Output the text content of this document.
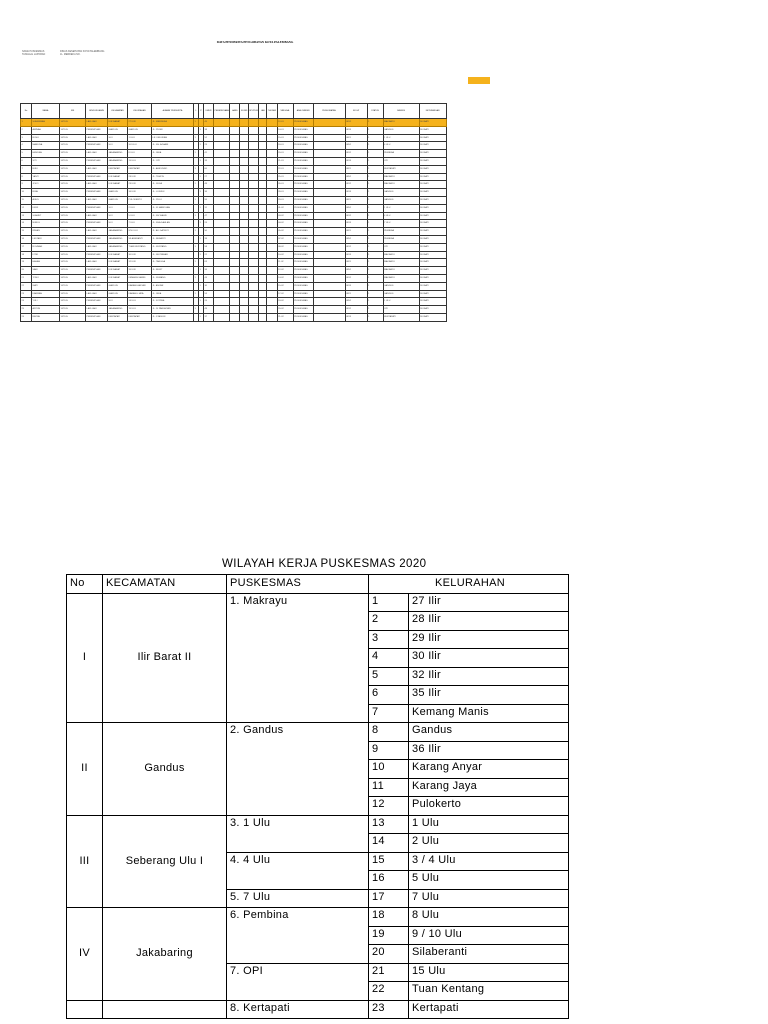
DATA PENDERITA PENGOBATAN KOTA PALEMBANG
NAMA PUSKESMAS
TANGGAL LAPORAN
DINAS KESEHATAN KOTA PALEMBANG
JL. MERDEKA NO.
No	NAMA	NIK	JENIS KELAMIN	KECAMATAN	KELURAHAN	ALAMAT PENDERITA	L	P	UMUR	PEMERIKSAAN	HASIL	KLINIS	SPUTUM	LAB	THORAX	TANGGAL	ASAL PASIEN	PENGOBATAN	NO HP	STATUS	FASKES	KETERANGAN
1	SUHERMAN	167105	LAKI-LAKI	ILIR BARAT	27 ILIR	JL. MERDEKA	1		45							12-01	PUSKESMAS		0812	1	MAKRAYU	DIOBATI
2	AMINAH	167105	PEREMPUAN	GANDUS	GANDUS	JL. PUSRI		1	38							14-01	PUSKESMAS		0813	1	GANDUS	DIOBATI
3	RUSLI	167105	LAKI-LAKI	SU I	1 ULU	LR. KEDUKAN	1		52							15-01	PUSKESMAS		0821	1	1 ULU	DIOBATI
4	MARLINA	167105	PEREMPUAN	SU I	3/4 ULU	JL. KH. AZHARI		1	29							18-01	PUSKESMAS		0852	1	4 ULU	DIOBATI
5	HENDRA	167105	LAKI-LAKI	JAKABARING	8 ULU	JL. JAYA	1		41							20-01	PUSKESMAS		0812	1	PEMBINA	DIOBATI
6	SITI	167105	PEREMPUAN	JAKABARING	15 ULU	JL. OPI		1	33							21-01	PUSKESMAS		0813	1	OPI	DIOBATI
7	BUDI	167105	LAKI-LAKI	KERTAPATI	KERTAPATI	JL. ABIKUSNO	1		60							22-01	PUSKESMAS		0821	1	KERTAPATI	DIOBATI
8	YANTI	167105	PEREMPUAN	ILIR BARAT	28 ILIR	JL. TEMON		1	27							25-01	PUSKESMAS		0852	1	MAKRAYU	DIOBATI
9	JOKO	167105	LAKI-LAKI	ILIR BARAT	29 ILIR	JL. SUKA	1		48							26-01	PUSKESMAS		0812	1	MAKRAYU	DIOBATI
10	RINA	167105	PEREMPUAN	GANDUS	36 ILIR	JL. LUNJUK		1	36							28-01	PUSKESMAS		0813	1	GANDUS	DIOBATI
11	AGUS	167105	LAKI-LAKI	GANDUS	PULOKERTO	JL. PULO	1		55							29-01	PUSKESMAS		0821	1	GANDUS	DIOBATI
12	DEWI	167105	PEREMPUAN	SU I	2 ULU	JL. KI MAROGAN		1	31							01-02	PUSKESMAS		0852	1	1 ULU	DIOBATI
13	SLAMET	167105	LAKI-LAKI	SU I	5 ULU	JL. KH WAHID	1		47							03-02	PUSKESMAS		0812	1	4 ULU	DIOBATI
14	NURUL	167105	PEREMPUAN	SU I	7 ULU	JL. KHA DAHLAN		1	24							04-02	PUSKESMAS		0813	1	7 ULU	DIOBATI
15	IRWAN	167105	LAKI-LAKI	JAKABARING	9/10 ULU	JL. ALI GATMYO	1		50							05-02	PUSKESMAS		0821	1	PEMBINA	DIOBATI
16	LESTARI	167105	PEREMPUAN	JAKABARING	SILABERANTI	JL. BERANTI		1	39							07-02	PUSKESMAS		0852	1	PEMBINA	DIOBATI
17	ROHMAN	167105	LAKI-LAKI	JAKABARING	TUAN KENTANG	JL. KENTANG	1		58							08-02	PUSKESMAS		0812	1	OPI	DIOBATI
18	FITRI	167105	PEREMPUAN	ILIR BARAT	30 ILIR	JL. SEI TAWAR		1	22							10-02	PUSKESMAS		0813	1	MAKRAYU	DIOBATI
19	HASAN	167105	LAKI-LAKI	ILIR BARAT	32 ILIR	JL. TANGGA	1		63							11-02	PUSKESMAS		0821	1	MAKRAYU	DIOBATI
20	SARI	167105	PEREMPUAN	ILIR BARAT	35 ILIR	JL. BUKIT		1	34							12-02	PUSKESMAS		0852	1	MAKRAYU	DIOBATI
21	TONO	167105	LAKI-LAKI	ILIR BARAT	KEMANG MANIS	JL. KEMANG	1		44							14-02	PUSKESMAS		0812	1	MAKRAYU	DIOBATI
22	WATI	167105	PEREMPUAN	GANDUS	KARANG ANYAR	JL. ANYAR		1	30							15-02	PUSKESMAS		0813	1	GANDUS	DIOBATI
23	DARMAN	167105	LAKI-LAKI	GANDUS	KARANG JAYA	JL. JAYA	1		53							17-02	PUSKESMAS		0821	1	GANDUS	DIOBATI
24	YULI	167105	PEREMPUAN	SU I	14 ULU	JL. KOPRAL		1	26							18-02	PUSKESMAS		0852	1	1 ULU	DIOBATI
25	ANTON	167105	LAKI-LAKI	JAKABARING	15 ULU	JL. DI PANJAITAN	1		49							20-02	PUSKESMAS		0812	1	OPI	DIOBATI
26	RATNA	167105	PEREMPUAN	KERTAPATI	KERTAPATI	JL. STASIUN		1	37							21-02	PUSKESMAS		0813	1	KERTAPATI	DIOBATI
WILAYAH KERJA PUSKESMAS 2020
No	KECAMATAN	PUSKESMAS	KELURAHAN	
I	Ilir Barat II	1. Makrayu	1	27 Ilir
			2	28 Ilir
			3	29 Ilir
			4	30 Ilir
			5	32 Ilir
			6	35 Ilir
			7	Kemang Manis
II	Gandus	2. Gandus	8	Gandus
			9	36 Ilir
			10	Karang Anyar
			11	Karang Jaya
			12	Pulokerto
III	Seberang Ulu I	3. 1 Ulu	13	1 Ulu
			14	2 Ulu
		4. 4 Ulu	15	3 / 4 Ulu
			16	5 Ulu
		5. 7 Ulu	17	7 Ulu
IV	Jakabaring	6. Pembina	18	8 Ulu
			19	9 / 10 Ulu
			20	Silaberanti
		7. OPI	21	15 Ulu
			22	Tuan Kentang
		8. Kertapati	23	Kertapati
